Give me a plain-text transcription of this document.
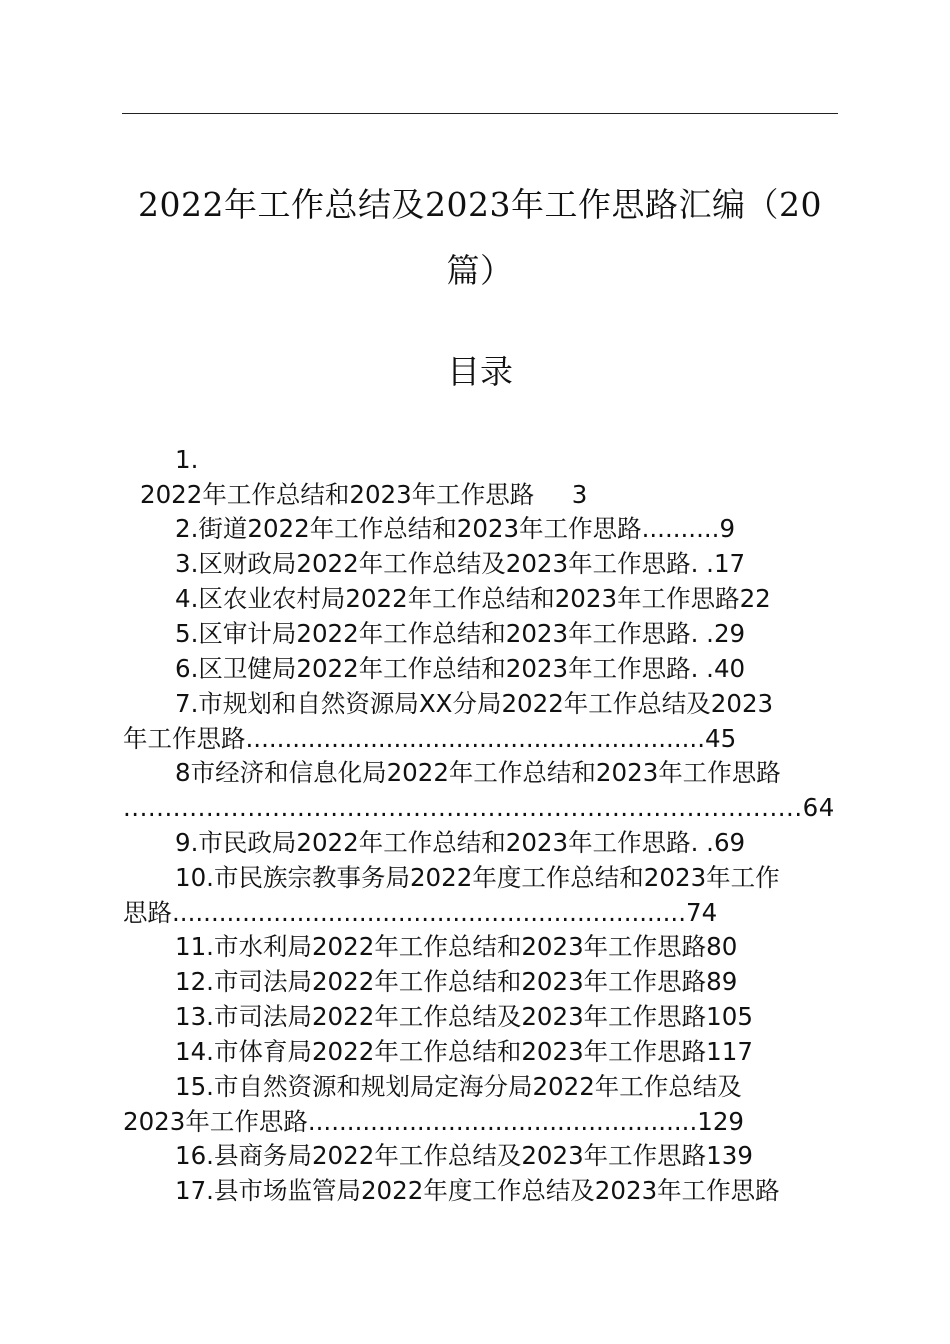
2022年工作总结及2023年工作思路汇编（20
篇）
目录
1.
2022年工作总结和2023年工作思路 3
2.街道2022年工作总结和2023年工作思路..........9
3.区财政局2022年工作总结及2023年工作思路. .17
4.区农业农村局2022年工作总结和2023年工作思路22
5.区审计局2022年工作总结和2023年工作思路. .29
6.区卫健局2022年工作总结和2023年工作思路. .40
7.市规划和自然资源局XX分局2022年工作总结及2023
年工作思路...........................................................45
8市经济和信息化局2022年工作总结和2023年工作思路
..................................................................................64
9.市民政局2022年工作总结和2023年工作思路. .69
10.市民族宗教事务局2022年度工作总结和2023年工作
思路..................................................................74
11.市水利局2022年工作总结和2023年工作思路80
12.市司法局2022年工作总结和2023年工作思路89
13.市司法局2022年工作总结及2023年工作思路105
14.市体育局2022年工作总结和2023年工作思路117
15.市自然资源和规划局定海分局2022年工作总结及
2023年工作思路..................................................129
16.县商务局2022年工作总结及2023年工作思路139
17.县市场监管局2022年度工作总结及2023年工作思路
